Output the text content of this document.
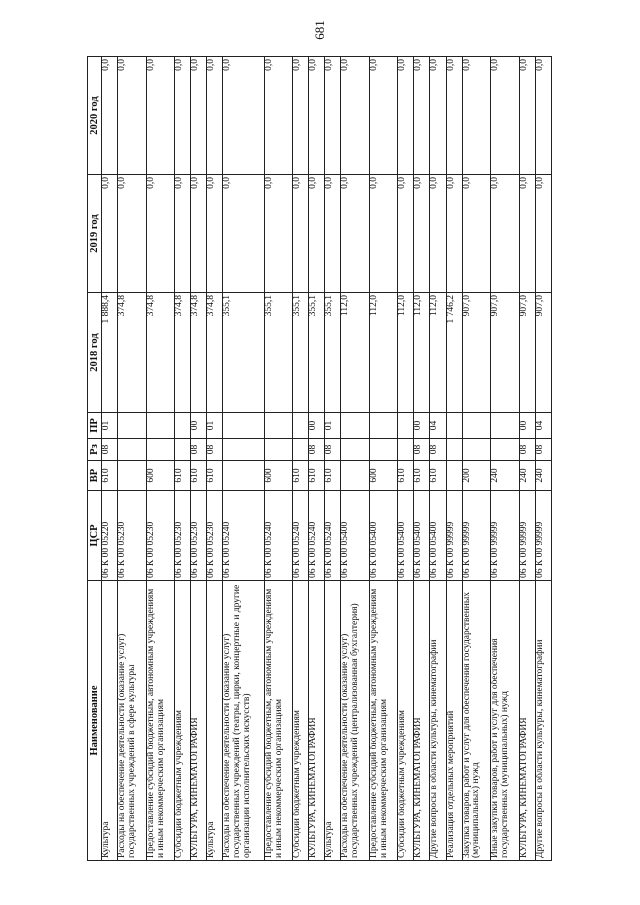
681
Наименование	ЦСР	ВР	Рз	ПР	2018 год	2019 год	2020 год
Культура	06 К 00 05220	610	08	01	1 888,4	0,0	0,0
Расходы на обеспечение деятельности (оказание услуг) государственных учреждений в сфере культуры	06 К 00 05230				374,8	0,0	0,0
Предоставление субсидий бюджетным, автономным учреждениям и иным некоммерческим организациям	06 К 00 05230	600			374,8	0,0	0,0
Субсидии бюджетным учреждениям	06 К 00 05230	610			374,8	0,0	0,0
КУЛЬТУРА, КИНЕМАТОГРАФИЯ	06 К 00 05230	610	08	00	374,8	0,0	0,0
Культура	06 К 00 05230	610	08	01	374,8	0,0	0,0
Расходы на обеспечение деятельности (оказание услуг) государственных учреждений (театры, цирки, концертные и другие организации исполнительских искусств)	06 К 00 05240				355,1	0,0	0,0
Предоставление субсидий бюджетным, автономным учреждениям и иным некоммерческим организациям	06 К 00 05240	600			355,1	0,0	0,0
Субсидии бюджетным учреждениям	06 К 00 05240	610			355,1	0,0	0,0
КУЛЬТУРА, КИНЕМАТОГРАФИЯ	06 К 00 05240	610	08	00	355,1	0,0	0,0
Культура	06 К 00 05240	610	08	01	355,1	0,0	0,0
Расходы на обеспечение деятельности (оказание услуг) государственных учреждений (централизованная бухгалтерия)	06 К 00 05400				112,0	0,0	0,0
Предоставление субсидий бюджетным, автономным учреждениям и иным некоммерческим организациям	06 К 00 05400	600			112,0	0,0	0,0
Субсидии бюджетным учреждениям	06 К 00 05400	610			112,0	0,0	0,0
КУЛЬТУРА, КИНЕМАТОГРАФИЯ	06 К 00 05400	610	08	00	112,0	0,0	0,0
Другие вопросы в области культуры, кинематографии	06 К 00 05400	610	08	04	112,0	0,0	0,0
Реализация отдельных мероприятий	06 К 00 99999				1 746,2	0,0	0,0
Закупка товаров, работ и услуг для обеспечения государственных (муниципальных) нужд	06 К 00 99999	200			907,0	0,0	0,0
Иные закупки товаров, работ и услуг для обеспечения государственных (муниципальных) нужд	06 К 00 99999	240			907,0	0,0	0,0
КУЛЬТУРА, КИНЕМАТОГРАФИЯ	06 К 00 99999	240	08	00	907,0	0,0	0,0
Другие вопросы в области культуры, кинематографии	06 К 00 99999	240	08	04	907,0	0,0	0,0
